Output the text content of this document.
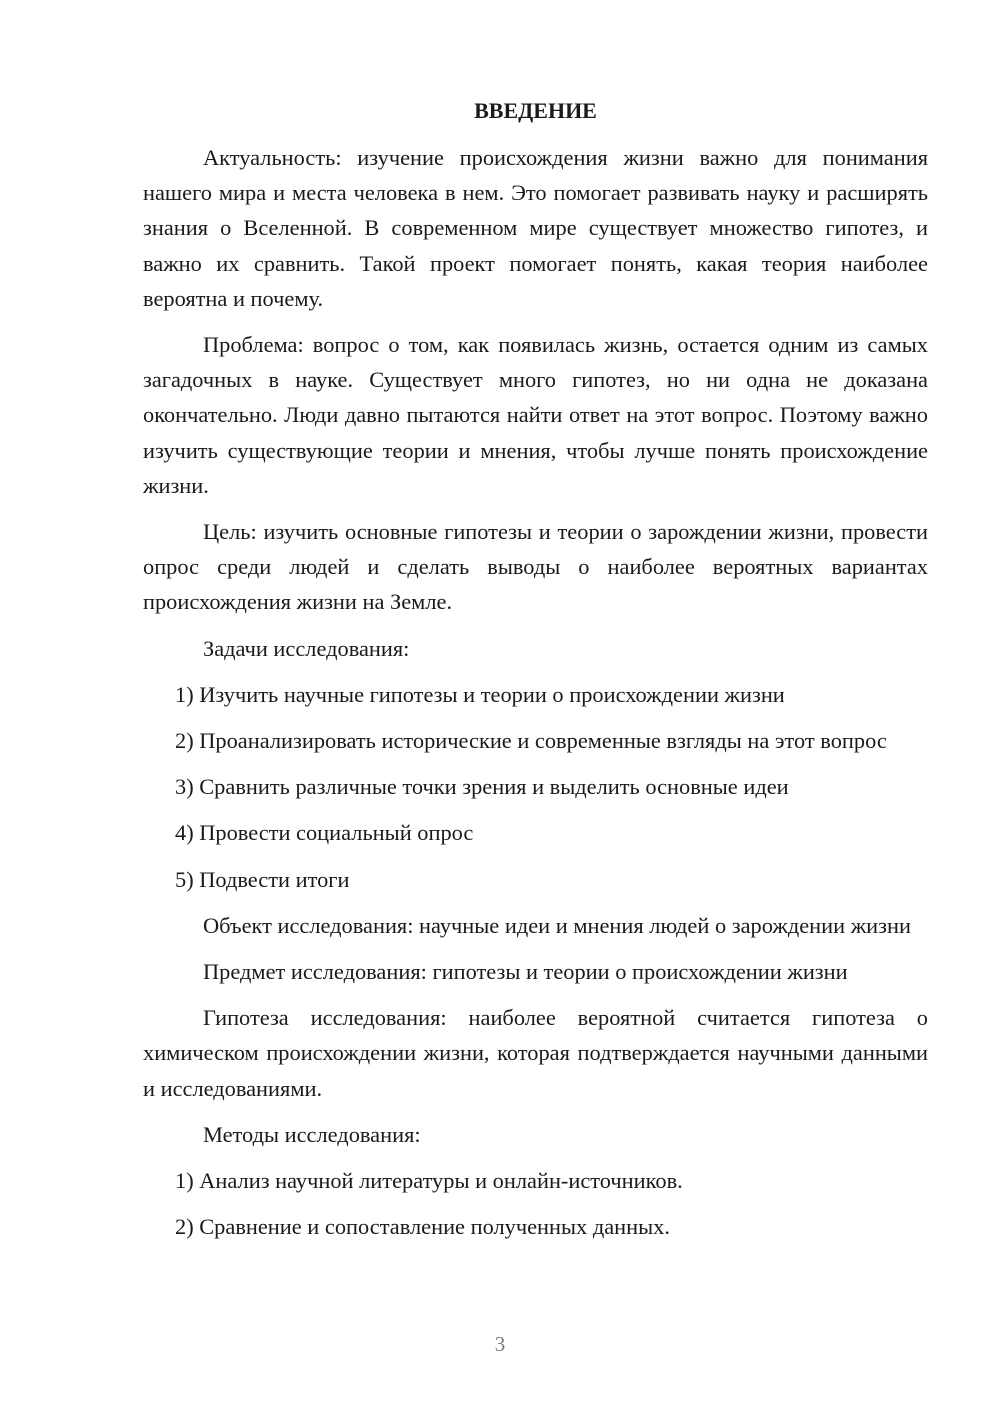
ВВЕДЕНИЕ

Актуальность: изучение происхождения жизни важно для понимания нашего мира и места человека в нем. Это помогает развивать науку и расширять знания о Вселенной. В современном мире существует множество гипотез, и важно их сравнить. Такой проект помогает понять, какая теория наиболее вероятна и почему.

Проблема: вопрос о том, как появилась жизнь, остается одним из самых загадочных в науке. Существует много гипотез, но ни одна не доказана окончательно. Люди давно пытаются найти ответ на этот вопрос. Поэтому важно изучить существующие теории и мнения, чтобы лучше понять происхождение жизни.

Цель: изучить основные гипотезы и теории о зарождении жизни, провести опрос среди людей и сделать выводы о наиболее вероятных вариантах происхождения жизни на Земле.

Задачи исследования:

1) Изучить научные гипотезы и теории о происхождении жизни

2) Проанализировать исторические и современные взгляды на этот вопрос

3) Сравнить различные точки зрения и выделить основные идеи

4) Провести социальный опрос

5) Подвести итоги

Объект исследования: научные идеи и мнения людей о зарождении жизни

Предмет исследования: гипотезы и теории о происхождении жизни

Гипотеза исследования: наиболее вероятной считается гипотеза о химическом происхождении жизни, которая подтверждается научными данными и исследованиями.

Методы исследования:

1) Анализ научной литературы и онлайн-источников.

2) Сравнение и сопоставление полученных данных.

3
